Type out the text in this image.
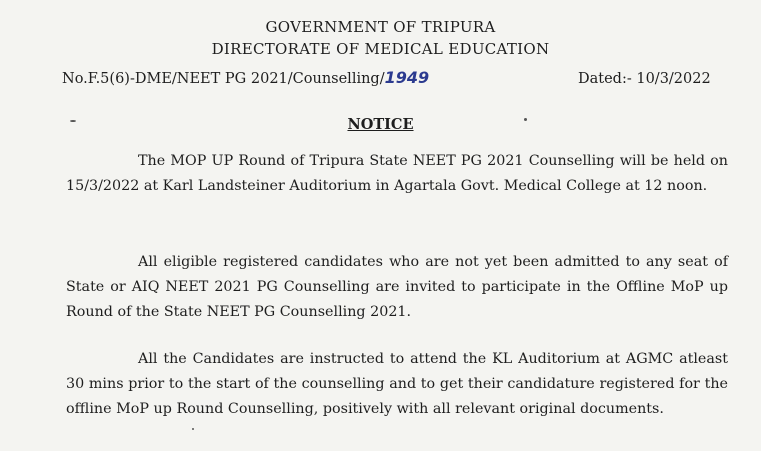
GOVERNMENT OF TRIPURA
DIRECTORATE OF MEDICAL EDUCATION
No.F.5(6)-DME/NEET PG 2021/Counselling/1949	Dated:- 10/3/2022
NOTICE

The MOP UP Round of Tripura State NEET PG 2021 Counselling will be held on 15/3/2022 at Karl Landsteiner Auditorium in Agartala Govt. Medical College at 12 noon.

All eligible registered candidates who are not yet been admitted to any seat of State or AIQ NEET 2021 PG Counselling are invited to participate in the Offline MoP up Round of the State NEET PG Counselling 2021.

All the Candidates are instructed to attend the KL Auditorium at AGMC atleast 30 mins prior to the start of the counselling and to get their candidature registered for the offline MoP up Round Counselling, positively with all relevant original documents.
